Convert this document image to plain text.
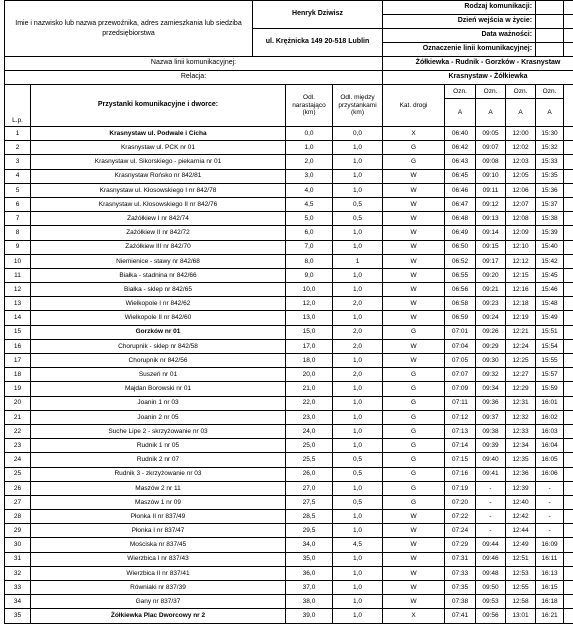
Imie i nazwisko lub nazwa przewoźnika, adres zamieszkania lub siedziba przedsiębiorstwa		Henryk Dziwisz			Rodzaj komunikacji:					
					Dzień wejścia w życie:					
		ul. Krężnicka 149 20-518 Lublin			Data ważności:					
					Oznaczenie linii komunikacyjnej:					
Nazwa linii komunikacyjnej:					Żółkiewka - Rudnik - Gorzków - Krasnystaw					
Relacja:					Krasnystaw - Żółkiewka					
L.p.	Przystanki komunikacyjne i dworce:		Odl. narastająco (km)	Odl. między przystankami (km)	Kat. drogi	Ozn.	Ozn.	Ozn.	Ozn.	
						A	A	A	A	
1	Krasnystaw ul. Podwale i Cicha		0,0	0,0	X	06:40	09:05	12:00	15:30	
2	Krasnystaw ul. PCK nr 01		1,0	1,0	G	06:42	09:07	12:02	15:32	
3	Krasnystaw ul. Sikorskiego - piekarnia nr 01		2,0	1,0	G	06:43	09:08	12:03	15:33	
4	Krasnystaw Rońsko nr 842/81		3,0	1,0	W	06:45	09:10	12:05	15:35	
5	Krasnystaw ul. Kłosowskiego I nr 842/78		4,0	1,0	W	06:46	09:11	12:06	15:36	
6	Krasnystaw ul. Kłosowskiego II nr 842/76		4,5	0,5	W	06:47	09:12	12:07	15:37	
7	Zażółkiew I nr 842/74		5,0	0,5	W	06:48	09:13	12:08	15:38	
8	Zażółkiew II nr 842/72		6,0	1,0	W	06:49	09:14	12:09	15:39	
9	Zażółkiew III nr 842/70		7,0	1,0	W	06:50	09:15	12:10	15:40	
10	Niemienice - stawy nr 842/68		8,0	1	W	06:52	09:17	12:12	15:42	
11	Białka - stadnina nr 842/66		9,0	1,0	W	06:55	09:20	12:15	15:45	
12	Białka - sklep nr 842/65		10,0	1,0	W	06:56	09:21	12:16	15:46	
13	Wielkopole I nr 842/62		12,0	2,0	W	06:58	09:23	12:18	15:48	
14	Wielkopole II nr 842/60		13,0	1,0	W	06:59	09:24	12:19	15:49	
15	Gorzków nr 01		15,0	2,0	G	07:01	09:26	12:21	15:51	
16	Chorupnik - sklep nr 842/58		17,0	2,0	W	07:04	09:29	12:24	15:54	
17	Chorupnik nr 842/56		18,0	1,0	W	07:05	09:30	12:25	15:55	
18	Suszeń nr 01		20,0	2,0	G	07:07	09:32	12:27	15:57	
19	Majdan Borowski nr 01		21,0	1,0	G	07:09	09:34	12:29	15:59	
20	Joanin 1 nr 03		22,0	1,0	G	07:11	09:36	12:31	16:01	
21	Joanin 2 nr 05		23,0	1,0	G	07:12	09:37	12:32	16:02	
22	Suche Lipe 2 - skrzyżowanie nr 03		24,0	1,0	G	07:13	09:38	12:33	16:03	
23	Rudnik 1 nr 05		25,0	1,0	G	07:14	09:39	12:34	16:04	
24	Rudnik 2 nr 07		25,5	0,5	G	07:15	09:40	12:35	16:05	
25	Rudnik 3 - zkrzyżowanie nr 03		26,0	0,5	G	07:16	09:41	12:36	16:06	
26	Maszów 2 nr 11		27,0	1,0	G	07:19	-	12:39	-	
27	Maszów 1 nr 09		27,5	0,5	G	07:20	-	12:40	-	
28	Płonka II nr 837/49		28,5	1,0	W	07:22	-	12:42	-	
29	Płonka I nr 837/47		29,5	1,0	W	07:24	-	12:44	-	
30	Mościska nr 837/45		34,0	4,5	W	07:29	09:44	12:49	16:09	
31	Wierzbica I nr 837/43		35,0	1,0	W	07:31	09:46	12:51	16:11	
32	Wierzbica II nr 837/41		36,0	1,0	W	07:33	09:48	12:53	16:13	
33	Równiaki nr 837/39		37,0	1,0	W	07:35	09:50	12:55	16:15	
34	Gany nr 837/37		38,0	1,0	W	07:38	09:53	12:58	16:18	
35	Żółkiewka Plac Dworcowy nr 2		39,0	1,0	X	07:41	09:56	13:01	16:21	
